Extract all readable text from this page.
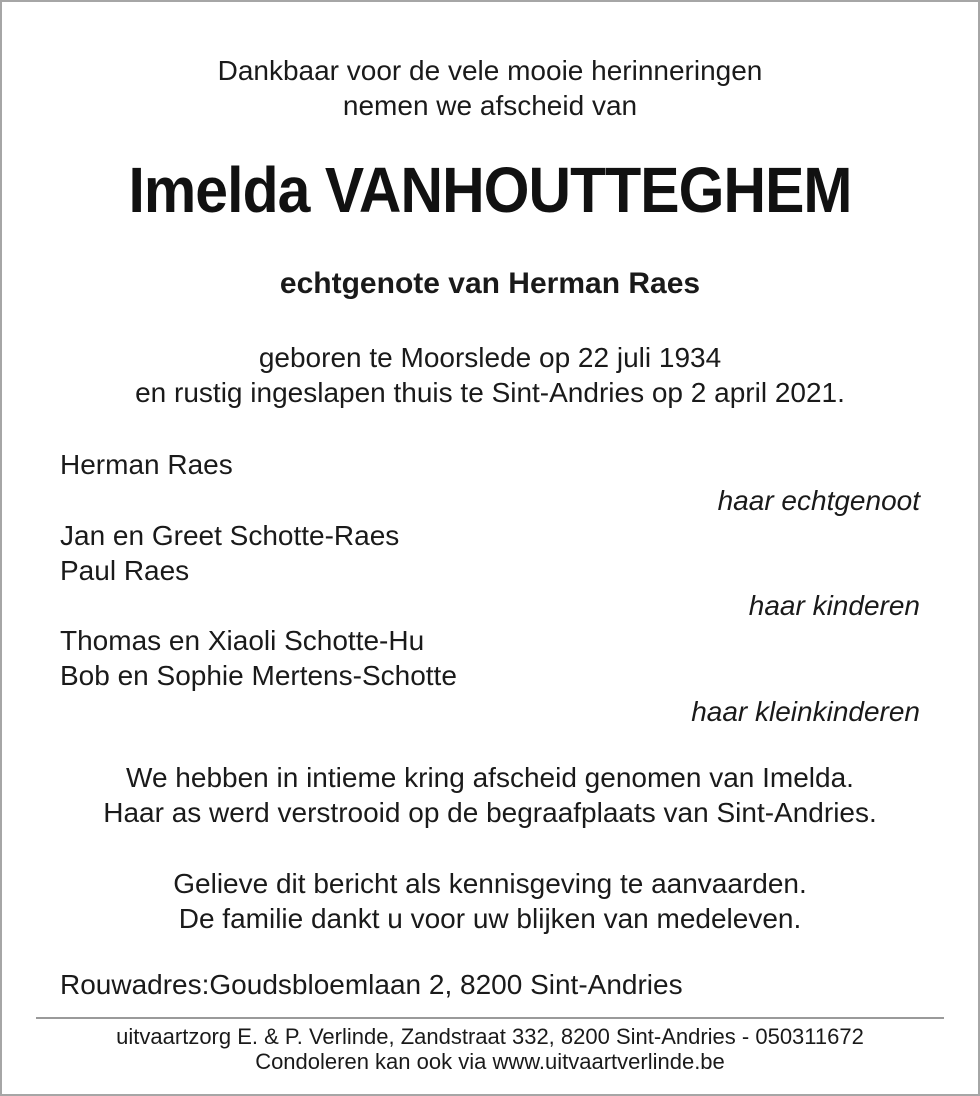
Dankbaar voor de vele mooie herinneringen
nemen we afscheid van
Imelda VANHOUTTEGHEM
echtgenote van Herman Raes
geboren te Moorslede op 22 juli 1934
en rustig ingeslapen thuis te Sint-Andries op 2 april 2021.
Herman Raes
haar echtgenoot
Jan en Greet Schotte-Raes
Paul Raes
haar kinderen
Thomas en Xiaoli Schotte-Hu
Bob en Sophie Mertens-Schotte
haar kleinkinderen
We hebben in intieme kring afscheid genomen van Imelda.
Haar as werd verstrooid op de begraafplaats van Sint-Andries.
Gelieve dit bericht als kennisgeving te aanvaarden.
De familie dankt u voor uw blijken van medeleven.
Rouwadres:Goudsbloemlaan 2, 8200 Sint-Andries
uitvaartzorg E. & P. Verlinde, Zandstraat 332, 8200 Sint-Andries - 050311672
Condoleren kan ook via www.uitvaartverlinde.be
